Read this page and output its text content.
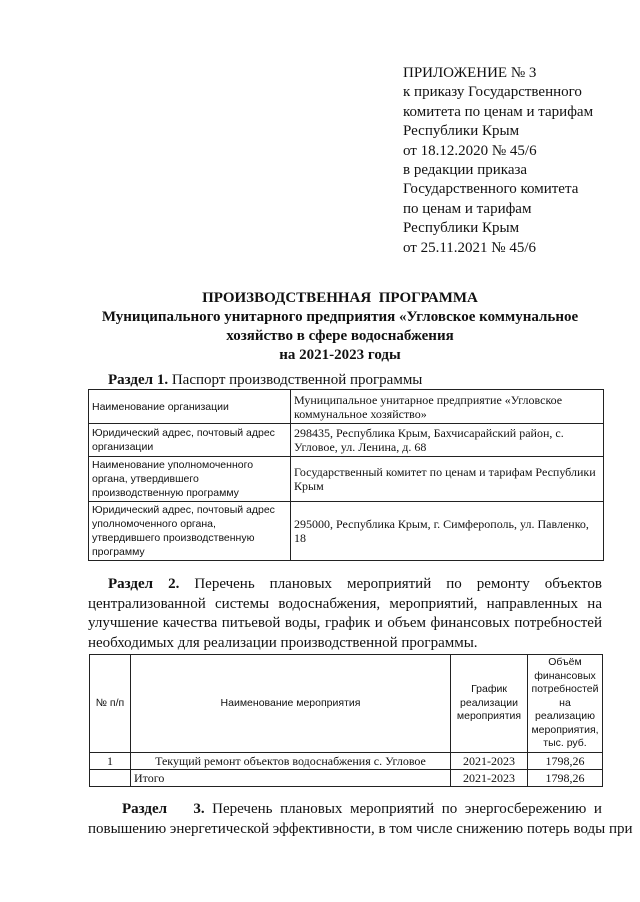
ПРИЛОЖЕНИЕ № 3
к приказу Государственного
комитета по ценам и тарифам
Республики Крым
от 18.12.2020 № 45/6
в редакции приказа
Государственного комитета
по ценам и тарифам
Республики Крым
от 25.11.2021 № 45/6
ПРОИЗВОДСТВЕННАЯ  ПРОГРАММА
Муниципального унитарного предприятия «Угловское коммунальное
хозяйство в сфере водоснабжения
на 2021-2023 годы
Раздел 1. Паспорт производственной программы
Наименование организации	Муниципальное унитарное предприятие «Угловское коммунальное хозяйство»
Юридический адрес, почтовый адрес организации	298435, Республика Крым, Бахчисарайский район, с. Угловое, ул. Ленина, д. 68
Наименование уполномоченного органа, утвердившего производственную программу	Государственный комитет по ценам и тарифам Республики Крым
Юридический адрес, почтовый адрес уполномоченного органа, утвердившего производственную программу	295000, Республика Крым, г. Симферополь, ул. Павленко, 18
Раздел 2. Перечень плановых мероприятий по ремонту объектов централизованной системы водоснабжения, мероприятий, направленных на улучшение качества питьевой воды, график и объем финансовых потребностей необходимых для реализации производственной программы.
№ п/п	Наименование мероприятия	График реализации мероприятия	Объём финансовых потребностей на реализацию мероприятия, тыс. руб.
1	Текущий ремонт объектов водоснабжения с. Угловое	2021-2023	1798,26
	Итого	2021-2023	1798,26
Раздел 3. Перечень плановых мероприятий по энергосбережению и
повышению энергетической эффективности, в том числе снижению потерь воды при
